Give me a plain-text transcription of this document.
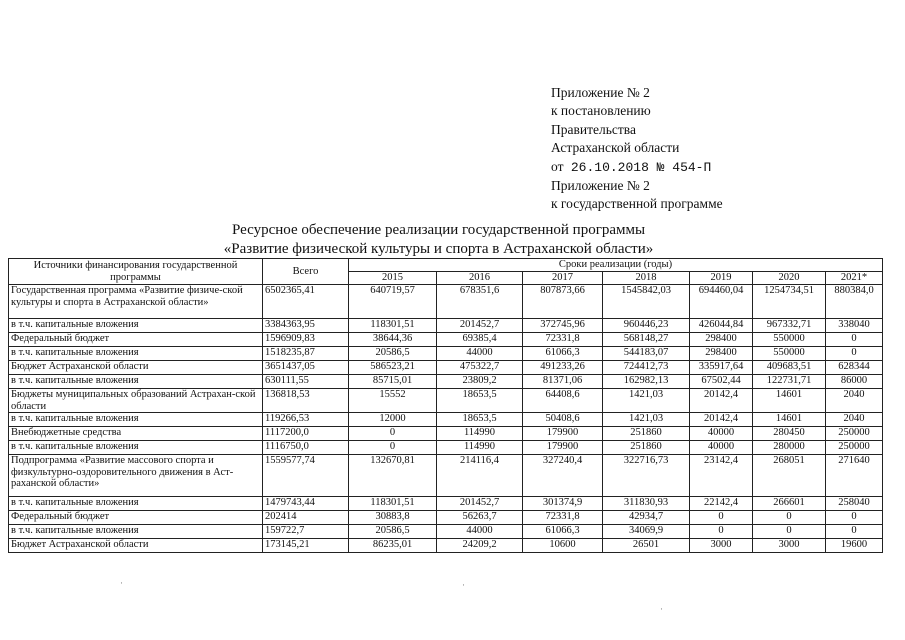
Приложение № 2
к постановлению
Правительства
Астраханской области
от 26.10.2018 № 454-П
Приложение № 2
к государственной программе
Ресурсное обеспечение реализации государственной программы
«Развитие физической культуры и спорта в Астраханской области»
Источники финансирования государственной программы	Всего	Сроки реализации (годы)						
		2015	2016	2017	2018	2019	2020	2021*
Государственная программа «Развитие физиче-ской культуры и спорта в Астраханской области»	6502365,41	640719,57	678351,6	807873,66	1545842,03	694460,04	1254734,51	880384,0
в т.ч. капитальные вложения	3384363,95	118301,51	201452,7	372745,96	960446,23	426044,84	967332,71	338040
Федеральный бюджет	1596909,83	38644,36	69385,4	72331,8	568148,27	298400	550000	0
в т.ч. капитальные вложения	1518235,87	20586,5	44000	61066,3	544183,07	298400	550000	0
Бюджет Астраханской области	3651437,05	586523,21	475322,7	491233,26	724412,73	335917,64	409683,51	628344
в т.ч. капитальные вложения	630111,55	85715,01	23809,2	81371,06	162982,13	67502,44	122731,71	86000
Бюджеты муниципальных образований Астрахан-ской области	136818,53	15552	18653,5	64408,6	1421,03	20142,4	14601	2040
в т.ч. капитальные вложения	119266,53	12000	18653,5	50408,6	1421,03	20142,4	14601	2040
Внебюджетные средства	1117200,0	0	114990	179900	251860	40000	280450	250000
в т.ч. капитальные вложения	1116750,0	0	114990	179900	251860	40000	280000	250000
Подпрограмма «Развитие массового спорта и физкультурно-оздоровительного движения в Аст-раханской области»	1559577,74	132670,81	214116,4	327240,4	322716,73	23142,4	268051	271640
в т.ч. капитальные вложения	1479743,44	118301,51	201452,7	301374,9	311830,93	22142,4	266601	258040
Федеральный бюджет	202414	30883,8	56263,7	72331,8	42934,7	0	0	0
в т.ч. капитальные вложения	159722,7	20586,5	44000	61066,3	34069,9	0	0	0
Бюджет Астраханской области	173145,21	86235,01	24209,2	10600	26501	3000	3000	19600
·	·
·
